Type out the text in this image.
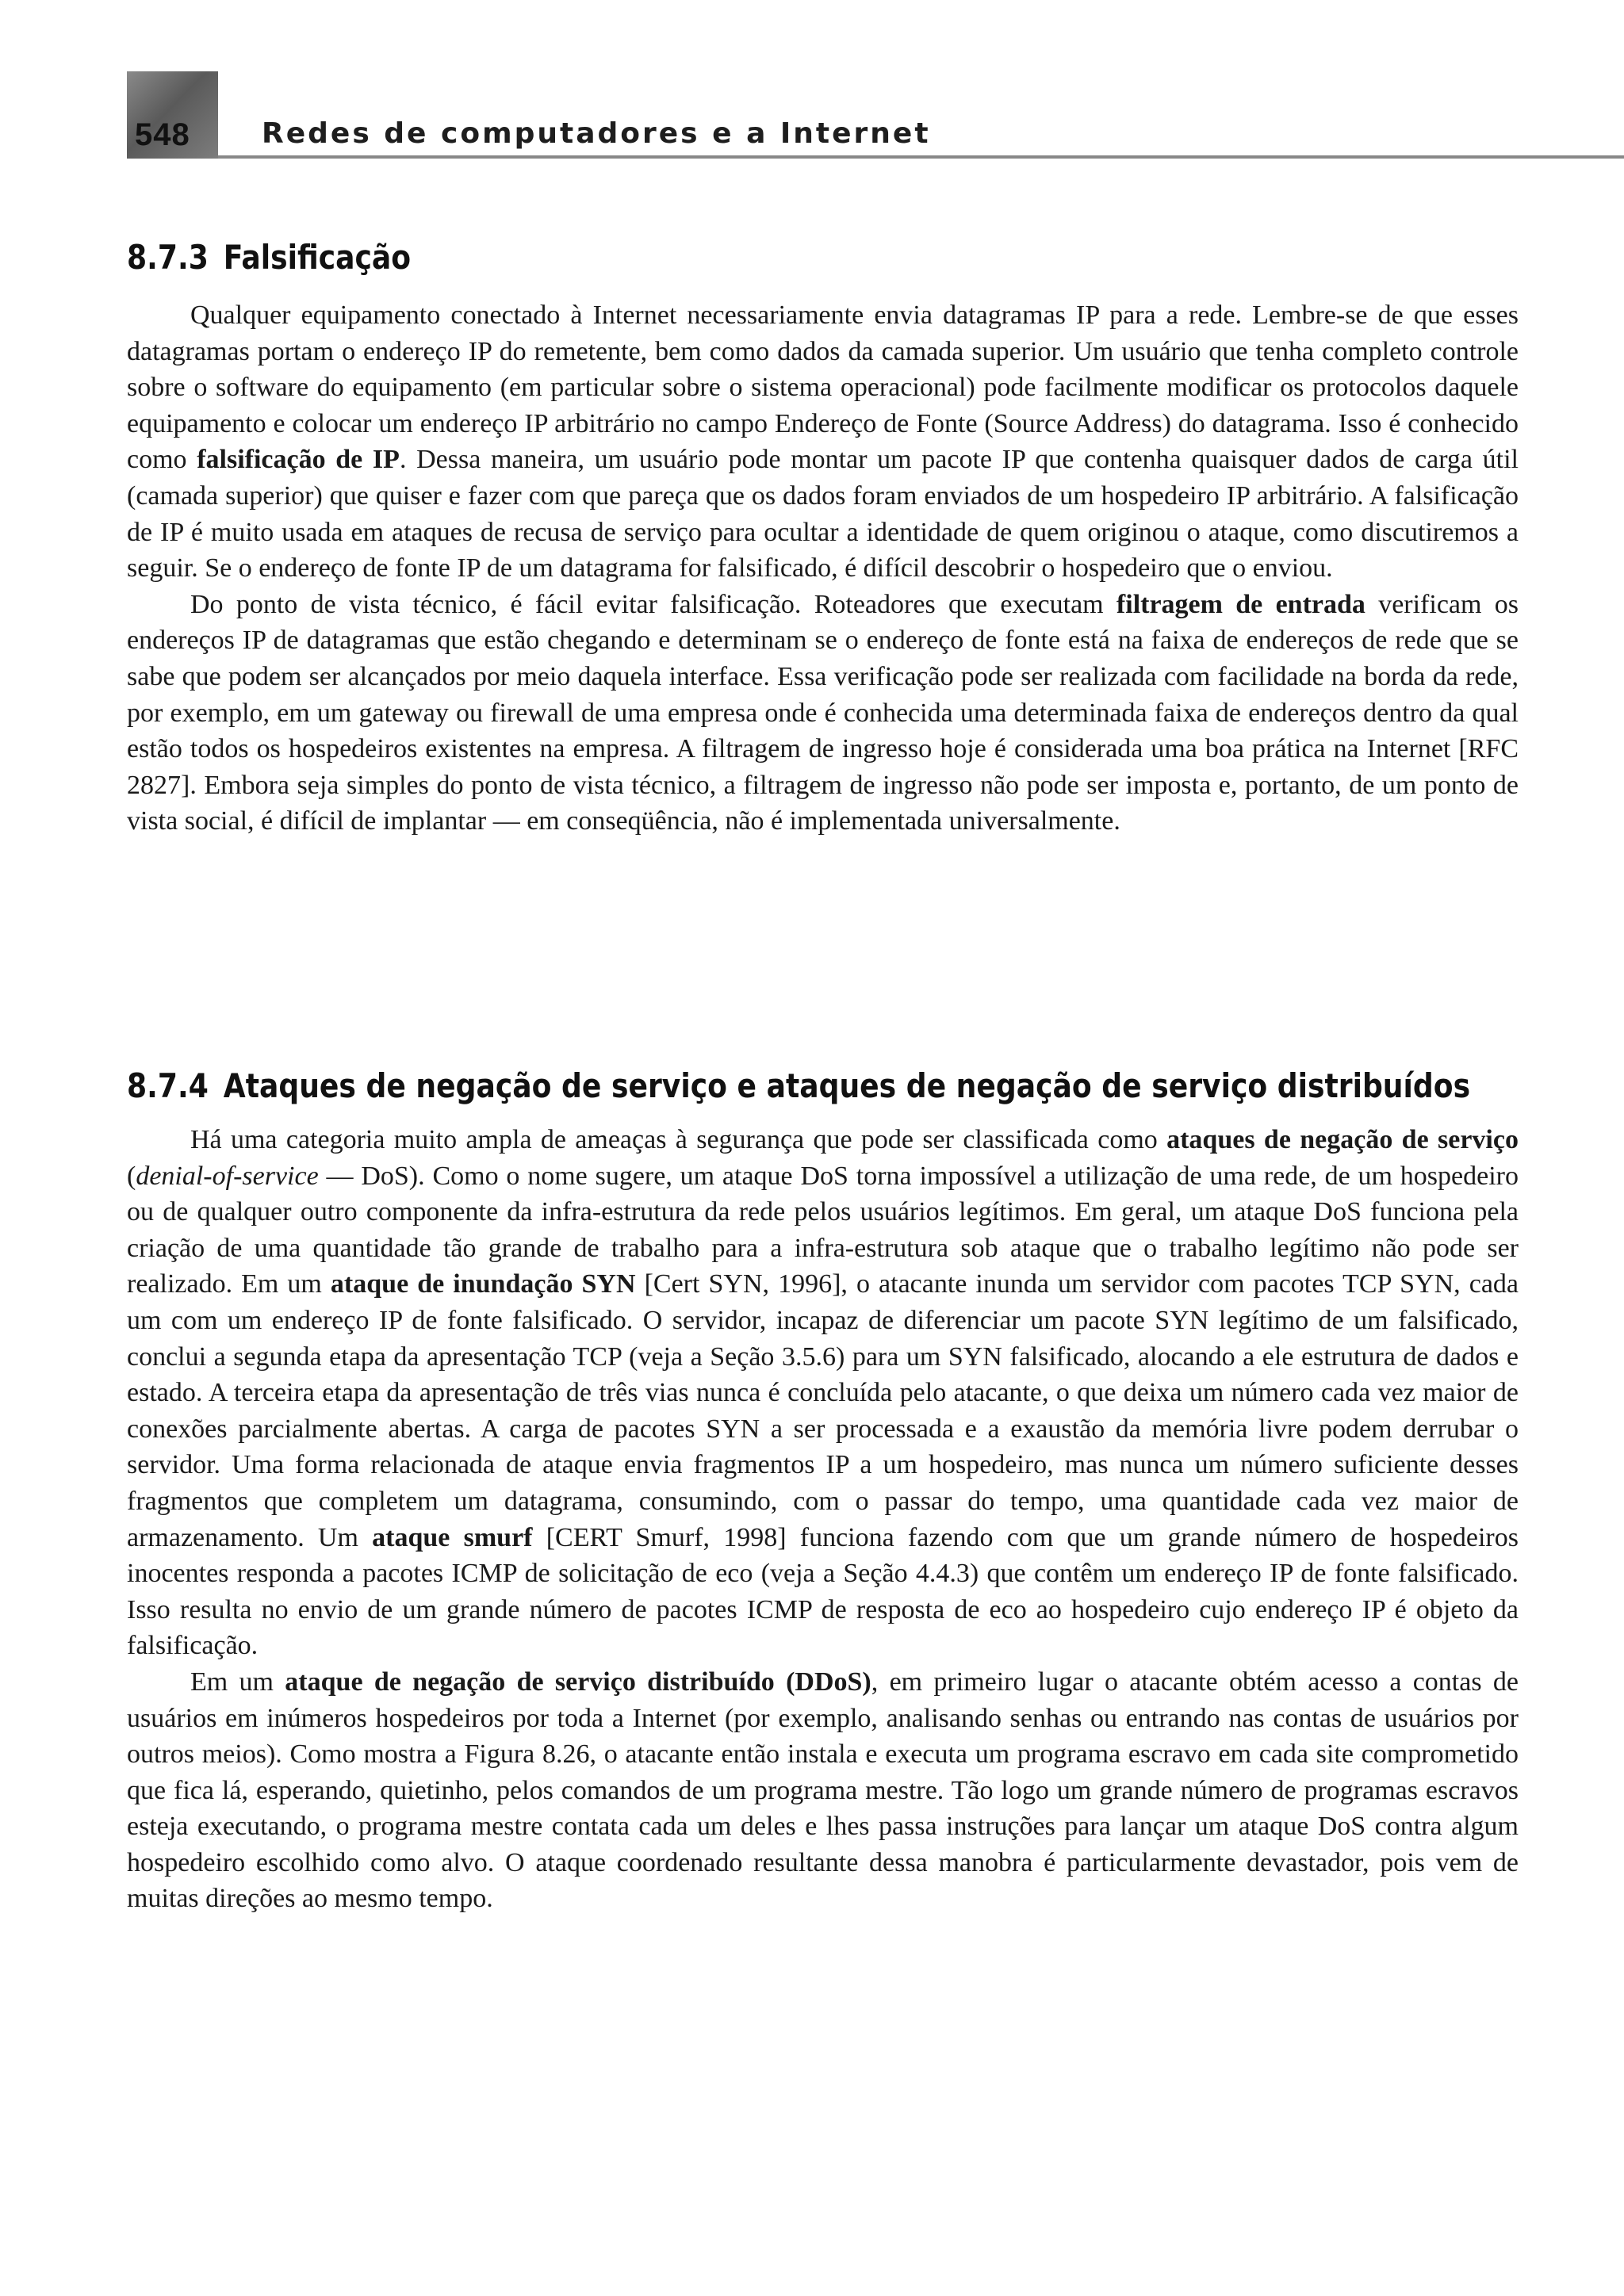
548	Redes de computadores e a Internet
8.7.3 Falsificação

Qualquer equipamento conectado à Internet necessariamente envia datagramas IP para a rede. Lembre-se de que esses datagramas portam o endereço IP do remetente, bem como dados da camada superior. Um usuário que tenha completo controle sobre o software do equipamento (em particular sobre o sistema operacional) pode facilmente modificar os protocolos daquele equipamento e colocar um endereço IP arbitrário no campo Endereço de Fonte (Source Address) do datagrama. Isso é conhecido como falsificação de IP. Dessa maneira, um usuário pode montar um pacote IP que contenha quaisquer dados de carga útil (camada superior) que quiser e fazer com que pareça que os dados foram enviados de um hospedeiro IP arbitrário. A falsificação de IP é muito usada em ataques de recusa de serviço para ocultar a identidade de quem originou o ataque, como discutiremos a seguir. Se o endereço de fonte IP de um datagrama for falsificado, é difícil descobrir o hospedeiro que o enviou.

Do ponto de vista técnico, é fácil evitar falsificação. Roteadores que executam filtragem de entrada verificam os endereços IP de datagramas que estão chegando e determinam se o endereço de fonte está na faixa de endereços de rede que se sabe que podem ser alcançados por meio daquela interface. Essa verificação pode ser realizada com facilidade na borda da rede, por exemplo, em um gateway ou firewall de uma empresa onde é conhecida uma determinada faixa de endereços dentro da qual estão todos os hospedeiros existentes na empresa. A filtragem de ingresso hoje é considerada uma boa prática na Internet [RFC 2827]. Embora seja simples do ponto de vista técnico, a filtragem de ingresso não pode ser imposta e, portanto, de um ponto de vista social, é difícil de implantar — em conseqüência, não é implementada universalmente.

8.7.4 Ataques de negação de serviço e ataques de negação de serviço distribuídos

Há uma categoria muito ampla de ameaças à segurança que pode ser classificada como ataques de negação de serviço (denial-of-service — DoS). Como o nome sugere, um ataque DoS torna impossível a utilização de uma rede, de um hospedeiro ou de qualquer outro componente da infra-estrutura da rede pelos usuários legítimos. Em geral, um ataque DoS funciona pela criação de uma quantidade tão grande de trabalho para a infra-estrutura sob ataque que o trabalho legítimo não pode ser realizado. Em um ataque de inundação SYN [Cert SYN, 1996], o atacante inunda um servidor com pacotes TCP SYN, cada um com um endereço IP de fonte falsificado. O servidor, incapaz de diferenciar um pacote SYN legítimo de um falsificado, conclui a segunda etapa da apresentação TCP (veja a Seção 3.5.6) para um SYN falsificado, alocando a ele estrutura de dados e estado. A terceira etapa da apresentação de três vias nunca é concluída pelo atacante, o que deixa um número cada vez maior de conexões parcialmente abertas. A carga de pacotes SYN a ser processada e a exaustão da memória livre podem derrubar o servidor. Uma forma relacionada de ataque envia fragmentos IP a um hospedeiro, mas nunca um número suficiente desses fragmentos que completem um datagrama, consumindo, com o passar do tempo, uma quantidade cada vez maior de armazenamento. Um ataque smurf [CERT Smurf, 1998] funciona fazendo com que um grande número de hospedeiros inocentes responda a pacotes ICMP de solicitação de eco (veja a Seção 4.4.3) que contêm um endereço IP de fonte falsificado. Isso resulta no envio de um grande número de pacotes ICMP de resposta de eco ao hospedeiro cujo endereço IP é objeto da falsificação.

Em um ataque de negação de serviço distribuído (DDoS), em primeiro lugar o atacante obtém acesso a contas de usuários em inúmeros hospedeiros por toda a Internet (por exemplo, analisando senhas ou entrando nas contas de usuários por outros meios). Como mostra a Figura 8.26, o atacante então instala e executa um programa escravo em cada site comprometido que fica lá, esperando, quietinho, pelos comandos de um programa mestre. Tão logo um grande número de programas escravos esteja executando, o programa mestre contata cada um deles e lhes passa instruções para lançar um ataque DoS contra algum hospedeiro escolhido como alvo. O ataque coordenado resultante dessa manobra é particularmente devastador, pois vem de muitas direções ao mesmo tempo.
